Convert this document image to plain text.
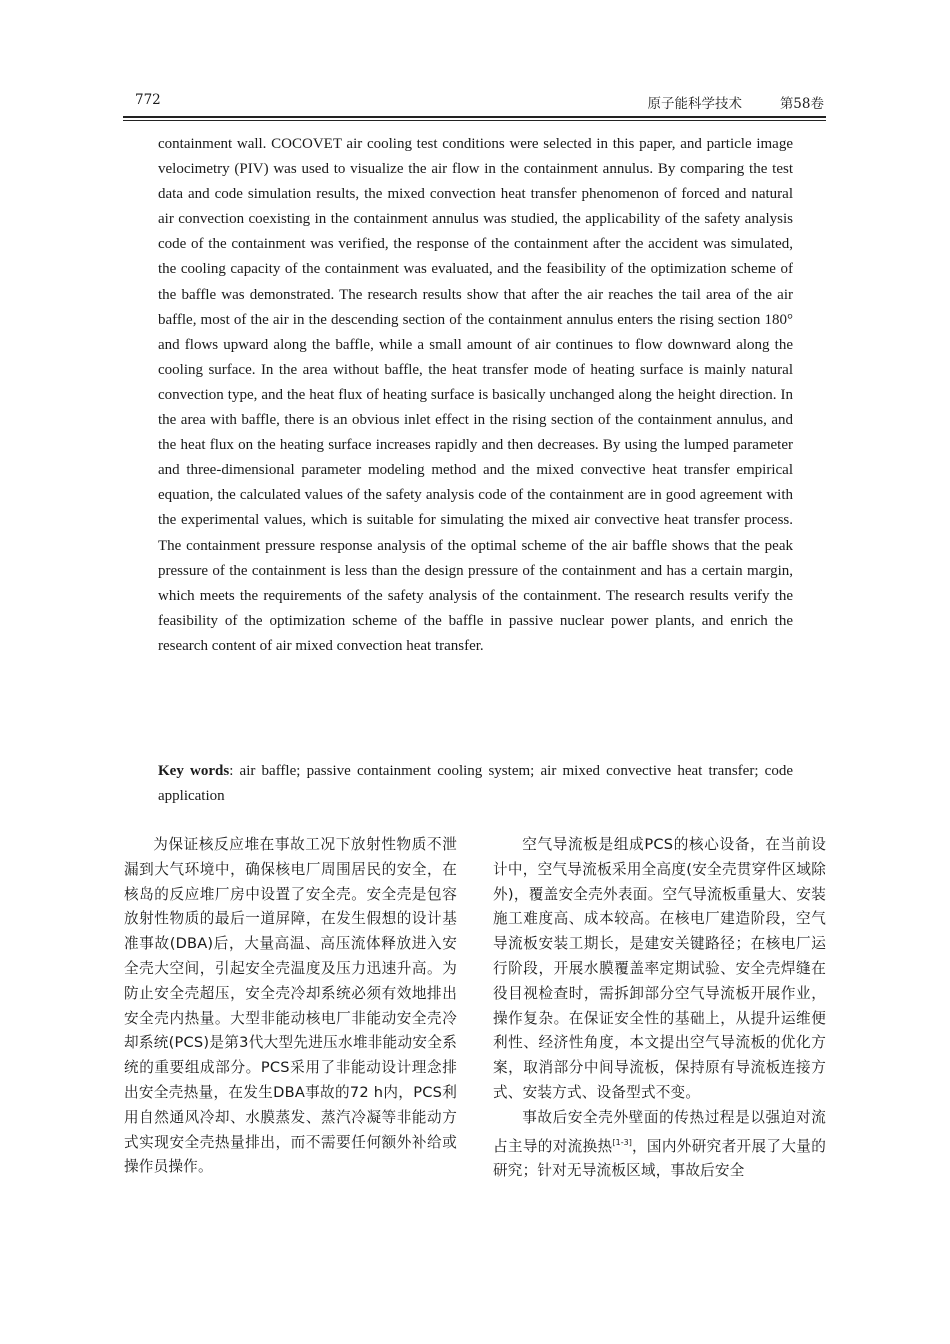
772	原子能科学技术	第58卷

containment wall. COCOVET air cooling test conditions were selected in this paper, and particle image velocimetry (PIV) was used to visualize the air flow in the containment annulus. By comparing the test data and code simulation results, the mixed convection heat transfer phenomenon of forced and natural air convection coexisting in the containment annulus was studied, the applicability of the safety analysis code of the containment was verified, the response of the containment after the accident was simulated, the cooling capacity of the containment was evaluated, and the feasibility of the optimization scheme of the baffle was demonstrated. The research results show that after the air reaches the tail area of the air baffle, most of the air in the descending section of the containment annulus enters the rising section 180° and flows upward along the baffle, while a small amount of air continues to flow downward along the cooling surface. In the area without baffle, the heat transfer mode of heating surface is mainly natural convection type, and the heat flux of heating surface is basically unchanged along the height direction. In the area with baffle, there is an obvious inlet effect in the rising section of the containment annulus, and the heat flux on the heating surface increases rapidly and then decreases. By using the lumped parameter and three-dimensional parameter modeling method and the mixed convective heat transfer empirical equation, the calculated values of the safety analysis code of the containment are in good agreement with the experimental values, which is suitable for simulating the mixed air convective heat transfer process. The containment pressure response analysis of the optimal scheme of the air baffle shows that the peak pressure of the containment is less than the design pressure of the containment and has a certain margin, which meets the requirements of the safety analysis of the containment. The research results verify the feasibility of the optimization scheme of the baffle in passive nuclear power plants, and enrich the research content of air mixed convection heat transfer.

Key words: air baffle; passive containment cooling system; air mixed convective heat transfer; code application

为保证核反应堆在事故工况下放射性物质不泄漏到大气环境中，确保核电厂周围居民的安全，在核岛的反应堆厂房中设置了安全壳。安全壳是包容放射性物质的最后一道屏障，在发生假想的设计基准事故(DBA)后，大量高温、高压流体释放进入安全壳大空间，引起安全壳温度及压力迅速升高。为防止安全壳超压，安全壳冷却系统必须有效地排出安全壳内热量。大型非能动核电厂非能动安全壳冷却系统(PCS)是第3代大型先进压水堆非能动安全系统的重要组成部分。PCS采用了非能动设计理念排出安全壳热量，在发生DBA事故的72 h内，PCS利用自然通风冷却、水膜蒸发、蒸汽冷凝等非能动方式实现安全壳热量排出，而不需要任何额外补给或操作员操作。

空气导流板是组成PCS的核心设备，在当前设计中，空气导流板采用全高度(安全壳贯穿件区域除外)，覆盖安全壳外表面。空气导流板重量大、安装施工难度高、成本较高。在核电厂建造阶段，空气导流板安装工期长，是建安关键路径；在核电厂运行阶段，开展水膜覆盖率定期试验、安全壳焊缝在役目视检查时，需拆卸部分空气导流板开展作业，操作复杂。在保证安全性的基础上，从提升运维便利性、经济性角度，本文提出空气导流板的优化方案，取消部分中间导流板，保持原有导流板连接方式、安装方式、设备型式不变。

事故后安全壳外壁面的传热过程是以强迫对流占主导的对流换热[1-3]，国内外研究者开展了大量的研究；针对无导流板区域，事故后安全
